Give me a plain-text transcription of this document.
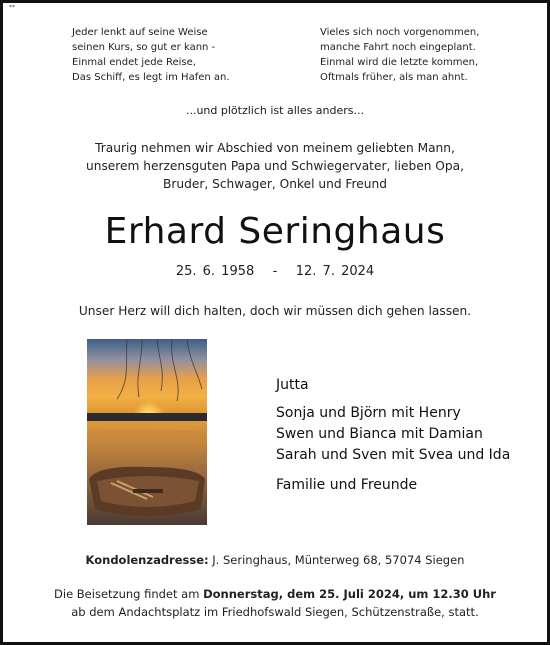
**
Jeder lenkt auf seine Weise
seinen Kurs, so gut er kann -
Einmal endet jede Reise,
Das Schiff, es legt im Hafen an.
Vieles sich noch vorgenommen,
manche Fahrt noch eingeplant.
Einmal wird die letzte kommen,
Oftmals früher, als man ahnt.
...und plötzlich ist alles anders...
Traurig nehmen wir Abschied von meinem geliebten Mann,
unserem herzensguten Papa und Schwiegervater, lieben Opa,
Bruder, Schwager, Onkel und Freund
Erhard Seringhaus
25. 6. 1958   -   12. 7. 2024
Unser Herz will dich halten, doch wir müssen dich gehen lassen.
Jutta
Sonja und Björn mit Henry
Swen und Bianca mit Damian
Sarah und Sven mit Svea und Ida
Familie und Freunde
Kondolenzadresse: J. Seringhaus, Münterweg 68, 57074 Siegen
Die Beisetzung findet am Donnerstag, dem 25. Juli 2024, um 12.30 Uhr
ab dem Andachtsplatz im Friedhofswald Siegen, Schützenstraße, statt.
